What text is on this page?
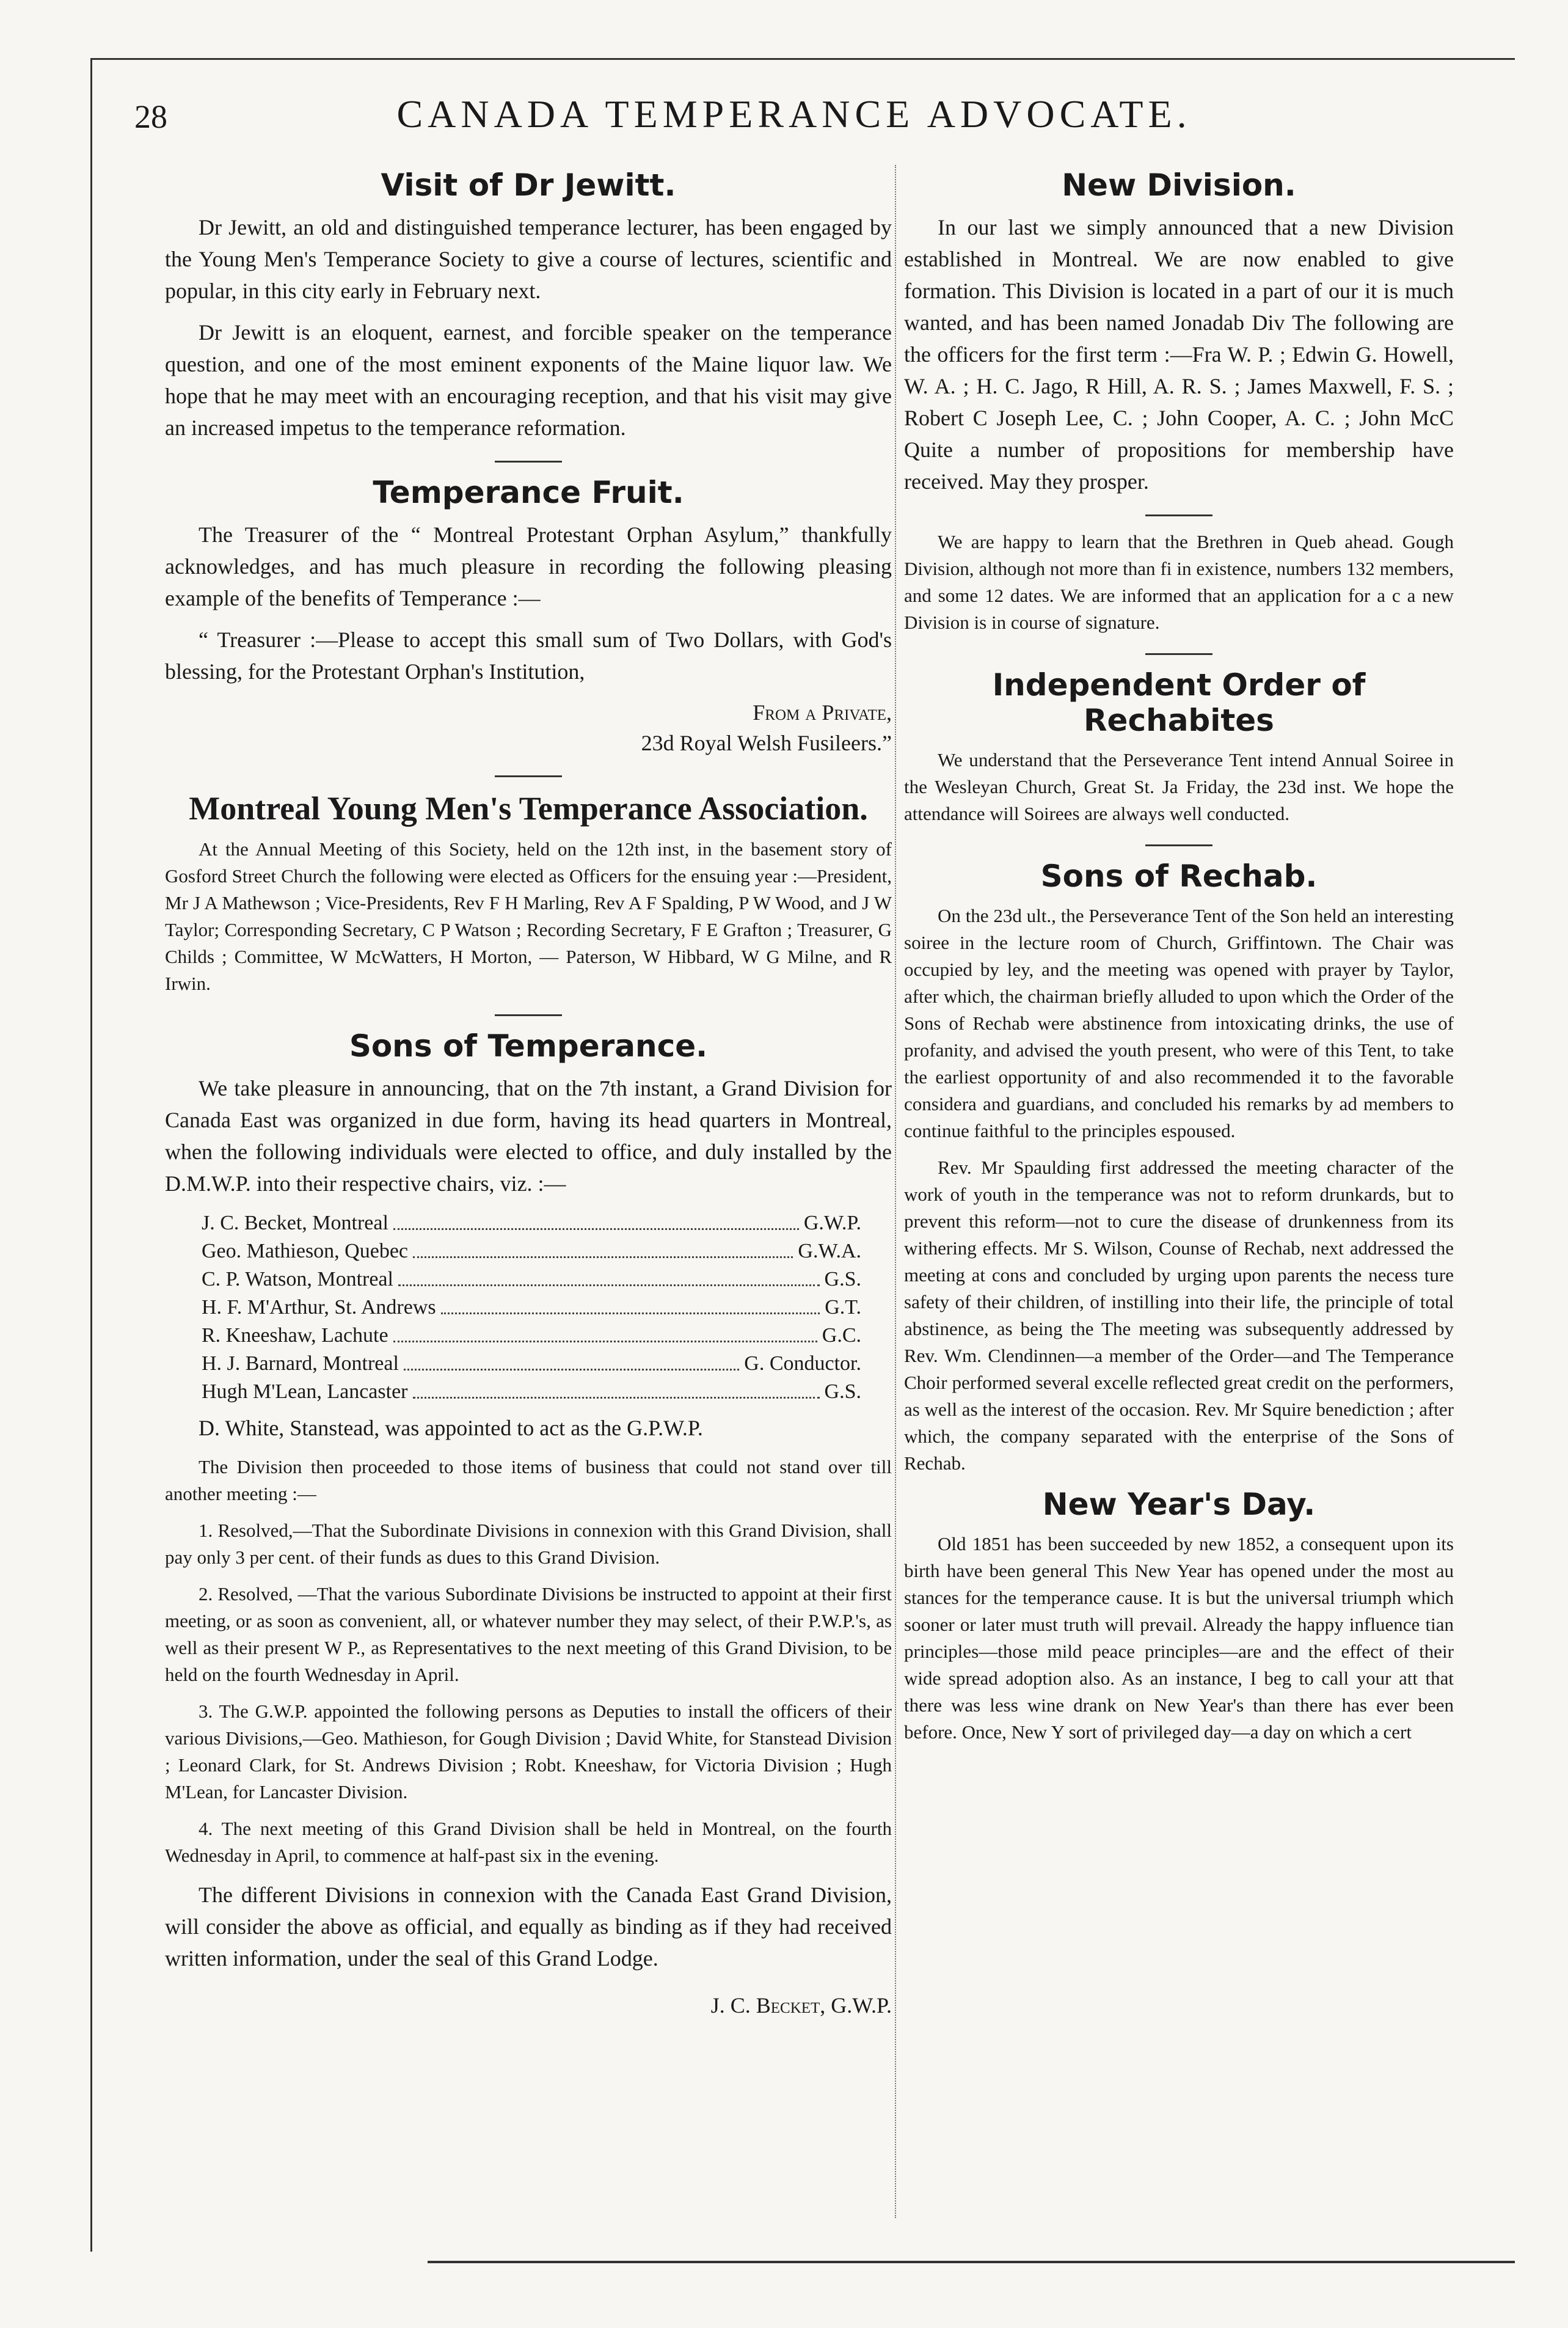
28	CANADA TEMPERANCE ADVOCATE.
Visit of Dr Jewitt.

Dr Jewitt, an old and distinguished temperance lecturer, has been engaged by the Young Men's Temperance Society to give a course of lectures, scientific and popular, in this city early in February next.

Dr Jewitt is an eloquent, earnest, and forcible speaker on the temperance question, and one of the most eminent exponents of the Maine liquor law. We hope that he may meet with an encouraging reception, and that his visit may give an increased impetus to the temperance reformation.

Temperance Fruit.

The Treasurer of the “ Montreal Protestant Orphan Asylum,” thankfully acknowledges, and has much pleasure in recording the following pleasing example of the benefits of Temperance :—

“ Treasurer :—Please to accept this small sum of Two Dollars, with God's blessing, for the Protestant Orphan's Institution,

From a Private,
23d Royal Welsh Fusileers.”
Montreal Young Men's Temperance Association.

At the Annual Meeting of this Society, held on the 12th inst, in the basement story of Gosford Street Church the following were elected as Officers for the ensuing year :—President, Mr J A Mathewson ; Vice-Presidents, Rev F H Marling, Rev A F Spalding, P W Wood, and J W Taylor; Corresponding Secretary, C P Watson ; Recording Secretary, F E Grafton ; Treasurer, G Childs ; Committee, W McWatters, H Morton, — Paterson, W Hibbard, W G Milne, and R Irwin.

Sons of Temperance.

We take pleasure in announcing, that on the 7th instant, a Grand Division for Canada East was organized in due form, having its head quarters in Montreal, when the following individuals were elected to office, and duly installed by the D.M.W.P. into their respective chairs, viz. :—

J. C. Becket, Montreal	G.W.P.
Geo. Mathieson, Quebec	G.W.A.
C. P. Watson, Montreal	G.S.
H. F. M'Arthur, St. Andrews	G.T.
R. Kneeshaw, Lachute	G.C.
H. J. Barnard, Montreal	G. Conductor.
Hugh M'Lean, Lancaster	G.S.

D. White, Stanstead, was appointed to act as the G.P.W.P.

The Division then proceeded to those items of business that could not stand over till another meeting :—

1. Resolved,—That the Subordinate Divisions in connexion with this Grand Division, shall pay only 3 per cent. of their funds as dues to this Grand Division.

2. Resolved, —That the various Subordinate Divisions be instructed to appoint at their first meeting, or as soon as convenient, all, or whatever number they may select, of their P.W.P.'s, as well as their present W P., as Representatives to the next meeting of this Grand Division, to be held on the fourth Wednesday in April.

3. The G.W.P. appointed the following persons as Deputies to install the officers of their various Divisions,—Geo. Mathieson, for Gough Division ; David White, for Stanstead Division ; Leonard Clark, for St. Andrews Division ; Robt. Kneeshaw, for Victoria Division ; Hugh M'Lean, for Lancaster Division.

4. The next meeting of this Grand Division shall be held in Montreal, on the fourth Wednesday in April, to commence at half-past six in the evening.

The different Divisions in connexion with the Canada East Grand Division, will consider the above as official, and equally as binding as if they had received written information, under the seal of this Grand Lodge.

J. C. Becket, G.W.P.
New Division.

In our last we simply announced that a new Division established in Montreal. We are now enabled to give formation. This Division is located in a part of our it is much wanted, and has been named Jonadab Div The following are the officers for the first term :—Fra W. P. ; Edwin G. Howell, W. A. ; H. C. Jago, R Hill, A. R. S. ; James Maxwell, F. S. ; Robert C Joseph Lee, C. ; John Cooper, A. C. ; John McC Quite a number of propositions for membership have received. May they prosper.

We are happy to learn that the Brethren in Queb ahead. Gough Division, although not more than fi in existence, numbers 132 members, and some 12 dates. We are informed that an application for a c a new Division is in course of signature.

Independent Order of Rechabites

We understand that the Perseverance Tent intend Annual Soiree in the Wesleyan Church, Great St. Ja Friday, the 23d inst. We hope the attendance will Soirees are always well conducted.

Sons of Rechab.

On the 23d ult., the Perseverance Tent of the Son held an interesting soiree in the lecture room of Church, Griffintown. The Chair was occupied by ley, and the meeting was opened with prayer by Taylor, after which, the chairman briefly alluded to upon which the Order of the Sons of Rechab were abstinence from intoxicating drinks, the use of profanity, and advised the youth present, who were of this Tent, to take the earliest opportunity of and also recommended it to the favorable considera and guardians, and concluded his remarks by ad members to continue faithful to the principles espoused.

Rev. Mr Spaulding first addressed the meeting character of the work of youth in the temperance was not to reform drunkards, but to prevent this reform—not to cure the disease of drunkenness from its withering effects. Mr S. Wilson, Counse of Rechab, next addressed the meeting at cons and concluded by urging upon parents the necess ture safety of their children, of instilling into their life, the principle of total abstinence, as being the The meeting was subsequently addressed by Rev. Wm. Clendinnen—a member of the Order—and The Temperance Choir performed several excelle reflected great credit on the performers, as well as the interest of the occasion. Rev. Mr Squire benediction ; after which, the company separated with the enterprise of the Sons of Rechab.

New Year's Day.

Old 1851 has been succeeded by new 1852, a consequent upon its birth have been general This New Year has opened under the most au stances for the temperance cause. It is but the universal triumph which sooner or later must truth will prevail. Already the happy influence tian principles—those mild peace principles—are and the effect of their wide spread adoption also. As an instance, I beg to call your att that there was less wine drank on New Year's than there has ever been before. Once, New Y sort of privileged day—a day on which a cert
